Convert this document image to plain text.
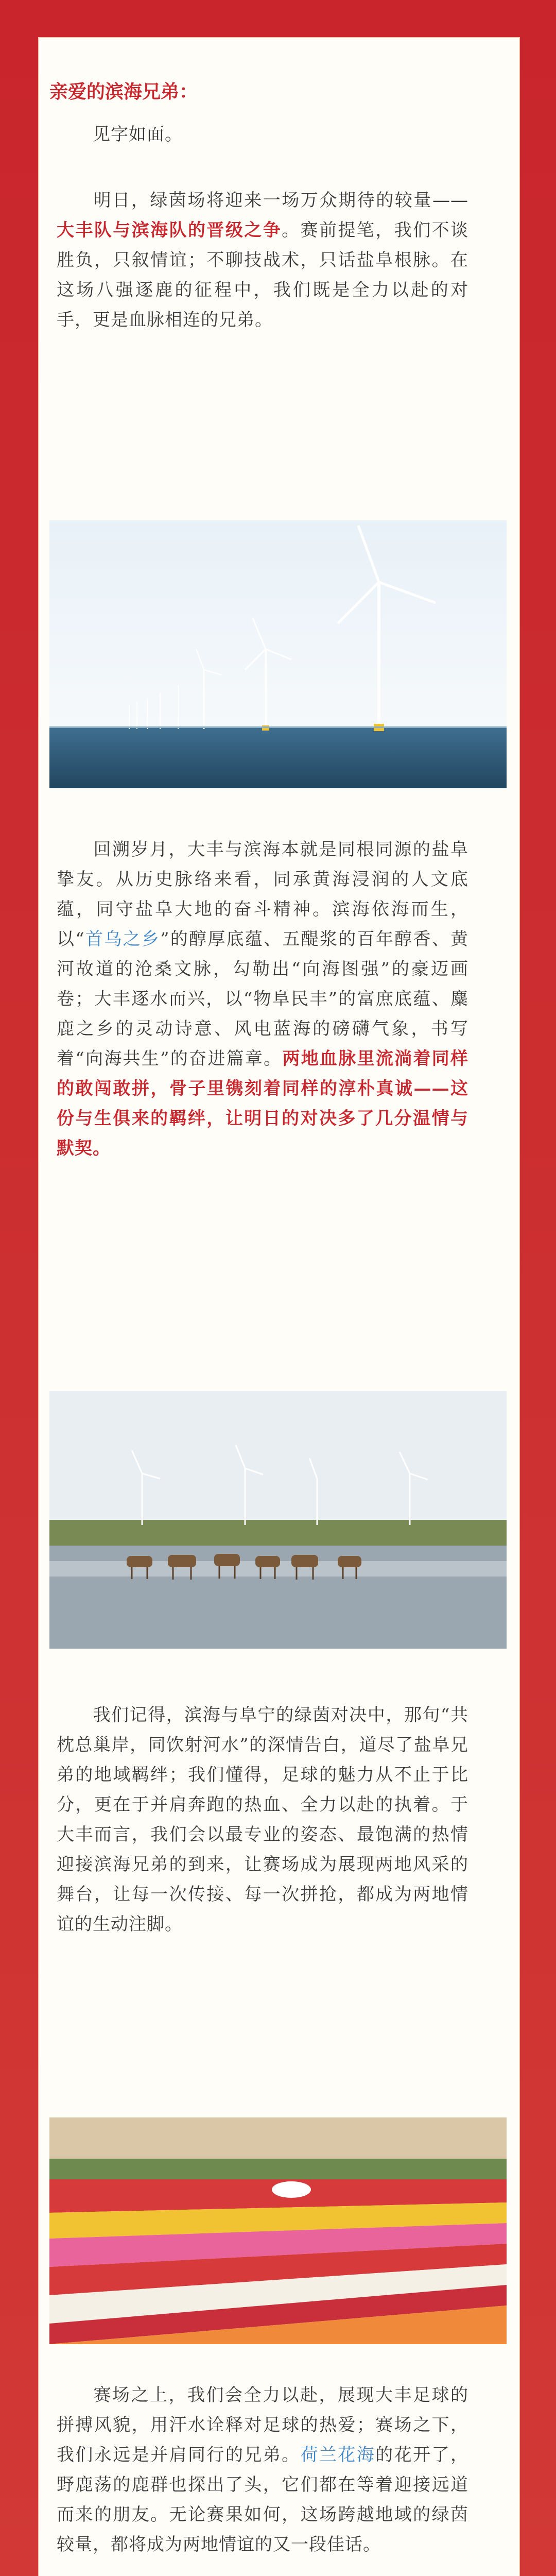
亲爱的滨海兄弟：
见字如面。
明日，绿茵场将迎来一场万众期待的较量——大丰队与滨海队的晋级之争。赛前提笔，我们不谈胜负，只叙情谊；不聊技战术，只话盐阜根脉。在这场八强逐鹿的征程中，我们既是全力以赴的对手，更是血脉相连的兄弟。
回溯岁月，大丰与滨海本就是同根同源的盐阜挚友。从历史脉络来看，同承黄海浸润的人文底蕴，同守盐阜大地的奋斗精神。滨海依海而生，以“首乌之乡”的醇厚底蕴、五醍浆的百年醇香、黄河故道的沧桑文脉，勾勒出“向海图强”的豪迈画卷；大丰逐水而兴，以“物阜民丰”的富庶底蕴、麋鹿之乡的灵动诗意、风电蓝海的磅礴气象，书写着“向海共生”的奋进篇章。两地血脉里流淌着同样的敢闯敢拼，骨子里镌刻着同样的淳朴真诚——这份与生俱来的羁绊，让明日的对决多了几分温情与默契。
我们记得，滨海与阜宁的绿茵对决中，那句“共枕总巢岸，同饮射河水”的深情告白，道尽了盐阜兄弟的地域羁绊；我们懂得，足球的魅力从不止于比分，更在于并肩奔跑的热血、全力以赴的执着。于大丰而言，我们会以最专业的姿态、最饱满的热情迎接滨海兄弟的到来，让赛场成为展现两地风采的舞台，让每一次传接、每一次拼抢，都成为两地情谊的生动注脚。
赛场之上，我们会全力以赴，展现大丰足球的拼搏风貌，用汗水诠释对足球的热爱；赛场之下，我们永远是并肩同行的兄弟。荷兰花海的花开了，野鹿荡的鹿群也探出了头，它们都在等着迎接远道而来的朋友。无论赛果如何，这场跨越地域的绿茵较量，都将成为两地情谊的又一段佳话。
